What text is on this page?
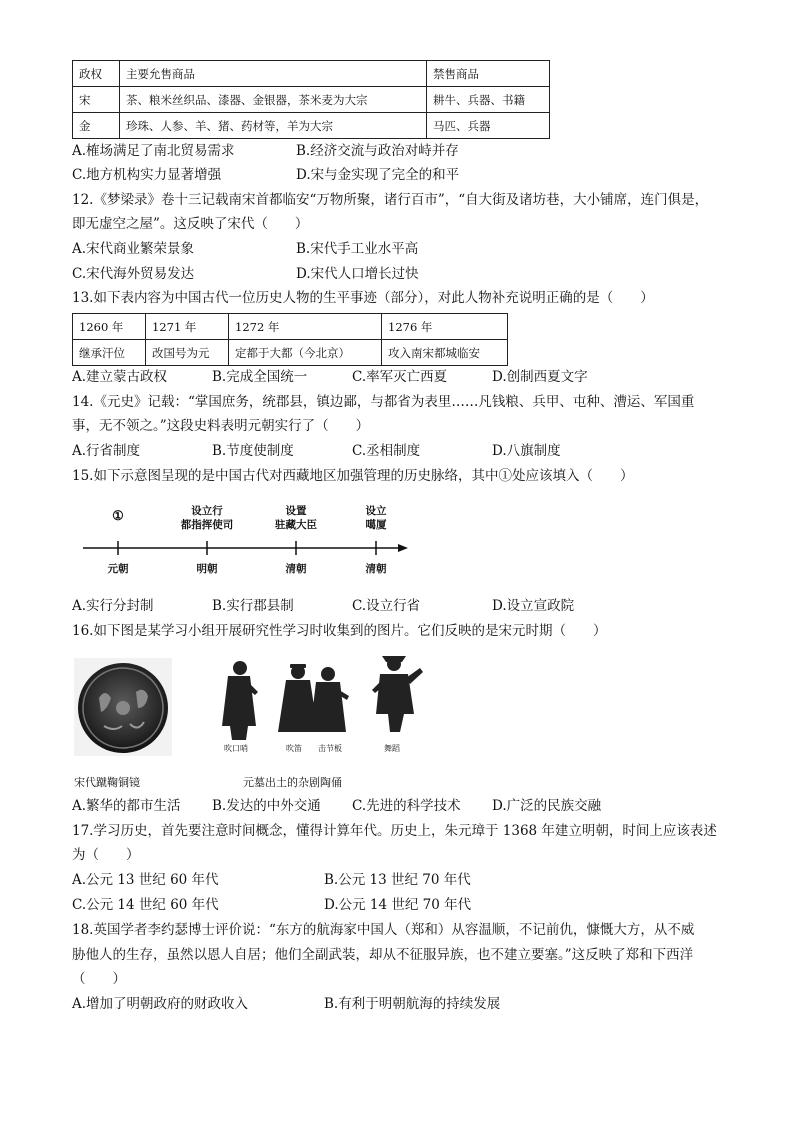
政权	主要允售商品	禁售商品
宋	茶、粮米丝织品、漆器、金银器，茶米麦为大宗	耕牛、兵器、书籍
金	珍珠、人参、羊、猪、药材等，羊为大宗	马匹、兵器
A.榷场满足了南北贸易需求	B.经济交流与政治对峙并存
C.地方机构实力显著增强	D.宋与金实现了完全的和平
12.《梦梁录》卷十三记载南宋首都临安“万物所聚，诸行百市”，“自大街及诸坊巷，大小铺席，连门俱是，
即无虚空之屋”。这反映了宋代（　　）
A.宋代商业繁荣景象	B.宋代手工业水平高
C.宋代海外贸易发达	D.宋代人口增长过快
13.如下表内容为中国古代一位历史人物的生平事迹（部分），对此人物补充说明正确的是（　　）
1260 年	1271 年	1272 年	1276 年
继承汗位	改国号为元	定都于大都（今北京）	攻入南宋都城临安
A.建立蒙古政权	B.完成全国统一	C.率军灭亡西夏	D.创制西夏文字
14.《元史》记载：“掌国庶务，统郡县，镇边鄙，与都省为表里……凡钱粮、兵甲、屯种、漕运、军国重
事，无不领之。”这段史料表明元朝实行了（　　）
A.行省制度	B.节度使制度	C.丞相制度	D.八旗制度
15.如下示意图呈现的是中国古代对西藏地区加强管理的历史脉络，其中①处应该填入（　　）
①	设立行
都指挥使司
设置
驻藏大臣
设立
噶厦
元朝	明朝	清朝	清朝
A.实行分封制	B.实行郡县制	C.设立行省	D.设立宣政院
16.如下图是某学习小组开展研究性学习时收集到的图片。它们反映的是宋元时期（　　）
吹口哨	吹笛 击节板	舞蹈
宋代蹴鞠铜镜	元墓出土的杂剧陶俑
A.繁华的都市生活 B.发达的中外交通 C.先进的科学技术 D.广泛的民族交融
17.学习历史，首先要注意时间概念，懂得计算年代。历史上，朱元璋于 1368 年建立明朝，时间上应该表述
为（　　）
A.公元 13 世纪 60 年代	B.公元 13 世纪 70 年代
C.公元 14 世纪 60 年代	D.公元 14 世纪 70 年代
18.英国学者李约瑟博士评价说：“东方的航海家中国人（郑和）从容温顺，不记前仇，慷慨大方，从不威
胁他人的生存，虽然以恩人自居；他们全副武装，却从不征服异族，也不建立要塞。”这反映了郑和下西洋
（　　）
A.增加了明朝政府的财政收入	B.有利于明朝航海的持续发展
